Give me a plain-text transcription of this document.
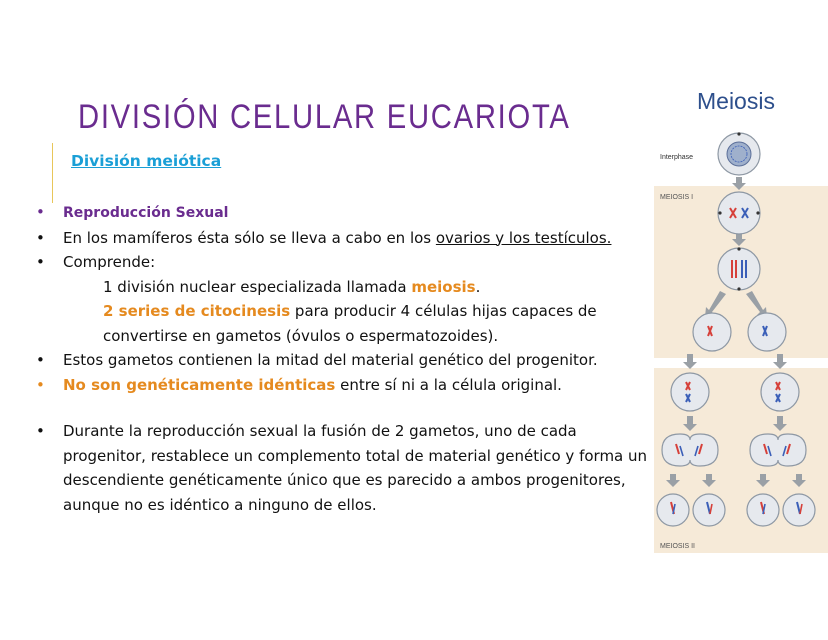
DIVISIÓN CELULAR EUCARIOTA
División meiótica
• Reproducción Sexual
• En los mamíferos ésta sólo se lleva a cabo en los ovarios y los testículos.
• Comprende:
1 división nuclear especializada llamada meiosis.
2 series de citocinesis para producir 4 células hijas capaces de
convertirse en gametos (óvulos o espermatozoides).
• Estos gametos contienen la mitad del material genético del progenitor.
• No son genéticamente idénticas entre sí ni a la célula original.
• Durante la reproducción sexual la fusión de 2 gametos, uno de cada progenitor, restablece un complemento total de material genético y forma un descendiente genéticamente único que es parecido a ambos progenitores, aunque no es idéntico a ninguno de ellos.
Meiosis
Interphase
MEIOSIS I
MEIOSIS II
